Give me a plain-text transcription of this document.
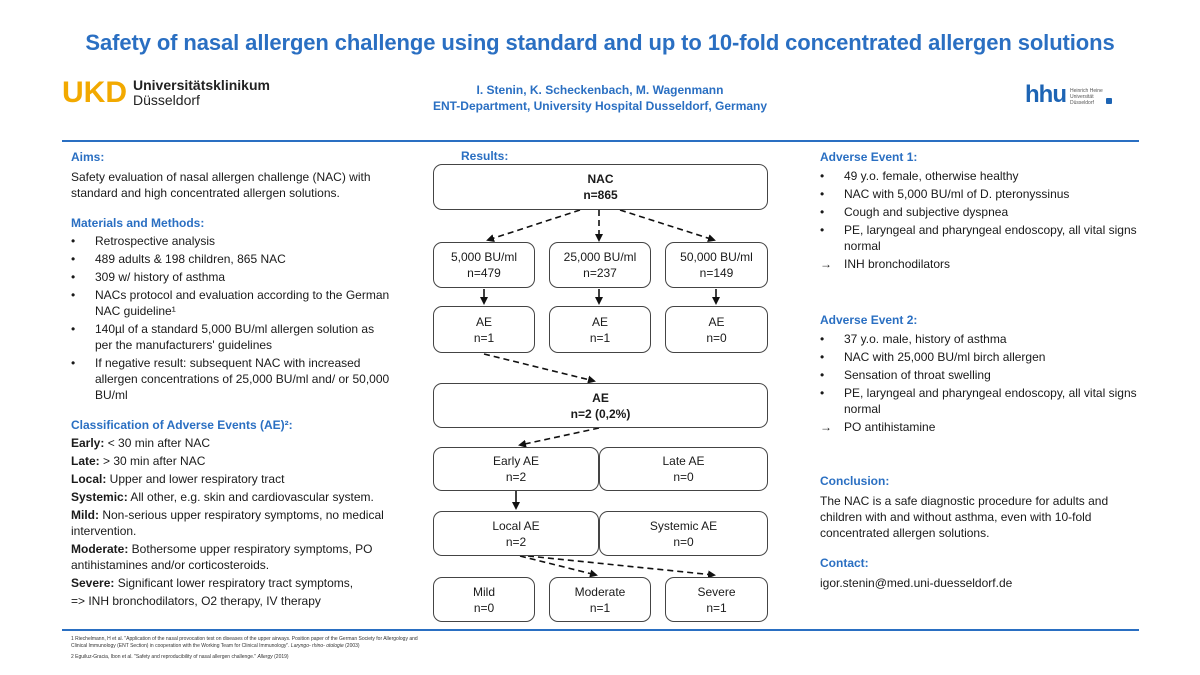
Safety of nasal allergen challenge using standard and up to 10-fold concentrated allergen solutions
UKD Universitätsklinikum
Düsseldorf
I. Stenin, K. Scheckenbach, M. Wagenmann
ENT-Department, University Hospital Dusseldorf, Germany	hhu Heinrich Heine Universität Düsseldorf

Aims:

Safety evaluation of nasal allergen challenge (NAC) with standard and high concentrated allergen solutions.

Materials and Methods:

•	Retrospective analysis
•	489 adults & 198 children, 865 NAC
•	309 w/ history of asthma
•	NACs protocol and evaluation according to the German NAC guideline¹
•	140µl of a standard 5,000 BU/ml allergen solution as per the manufacturers' guidelines
•	If negative result: subsequent NAC with increased allergen concentrations of 25,000 BU/ml and/ or 50,000 BU/ml

Classification of Adverse Events (AE)²:

Early: < 30 min after NAC

Late: > 30 min after NAC

Local: Upper and lower respiratory tract

Systemic: All other, e.g. skin and cardiovascular system.

Mild: Non-serious upper respiratory symptoms, no medical intervention.

Moderate: Bothersome upper respiratory symptoms, PO antihistamines and/or corticosteroids.

Severe: Significant lower respiratory tract symptoms,

=> INH bronchodilators, O2 therapy, IV therapy

Results:
NAC
n=865
5,000 BU/ml
n=479
25,000 BU/ml
n=237
50,000 BU/ml
n=149
AE
n=1
AE
n=1
AE
n=0
AE
n=2 (0,2%)
Early AE
n=2
Late AE
n=0
Local AE
n=2
Systemic AE
n=0
Mild
n=0
Moderate
n=1
Severe
n=1

Adverse Event 1:

•	49 y.o. female, otherwise healthy
•	NAC with 5,000 BU/ml of D. pteronyssinus
•	Cough and subjective dyspnea
•	PE, laryngeal and pharyngeal endoscopy, all vital signs normal
→	INH bronchodilators

Adverse Event 2:

•	37 y.o. male, history of asthma
•	NAC with 25,000 BU/ml birch allergen
•	Sensation of throat swelling
•	PE, laryngeal and pharyngeal endoscopy, all vital signs normal
→	PO antihistamine

Conclusion:

The NAC is a safe diagnostic procedure for adults and children with and without asthma, even with 10-fold concentrated allergen solutions.

Contact:

igor.stenin@med.uni-duesseldorf.de

1 Riechelmann, H et al. "Application of the nasal provocation test on diseases of the upper airways. Position paper of the German Society for Allergology and Clinical Immunology (ENT Section) in cooperation with the Working Team for Clinical Immunology". Laryngo- rhino- otologie (2003)

2 Eguiluz-Gracia, Ibon et al. "Safety and reproducibility of nasal allergen challenge." Allergy (2019)
